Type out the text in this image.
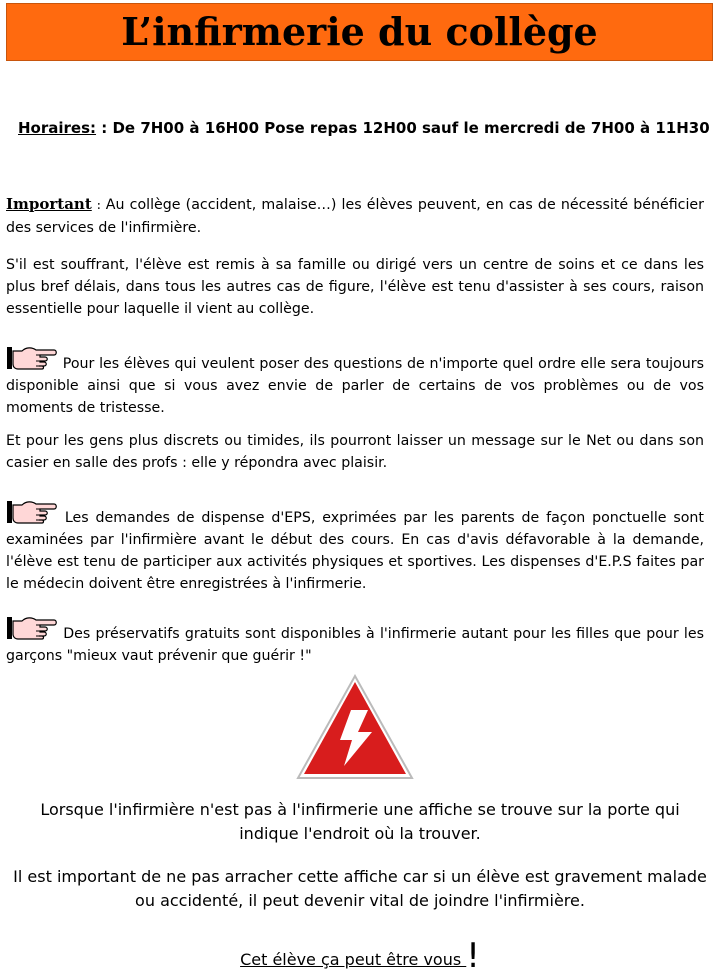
L’infirmerie du collège
Horaires: : De 7H00 à 16H00 Pose repas 12H00 sauf le mercredi de 7H00 à 11H30
Important : Au collège (accident, malaise…) les élèves peuvent, en cas de nécessité bénéficier des services de l'infirmière.
S'il est souffrant, l'élève est remis à sa famille ou dirigé vers un centre de soins et ce dans les plus bref délais, dans tous les autres cas de figure, l'élève est tenu d'assister à ses cours, raison essentielle pour laquelle il vient au collège.
Pour les élèves qui veulent poser des questions de n'importe quel ordre elle sera toujours disponible ainsi que si vous avez envie de parler de certains de vos problèmes ou de vos moments de tristesse.
Et pour les gens plus discrets ou timides, ils pourront laisser un message sur le Net ou dans son casier en salle des profs : elle y répondra avec plaisir.
Les demandes de dispense d'EPS, exprimées par les parents de façon ponctuelle sont examinées par l'infirmière avant le début des cours. En cas d'avis défavorable à la demande, l'élève est tenu de participer aux activités physiques et sportives. Les dispenses d'E.P.S faites par le médecin doivent être enregistrées à l'infirmerie.
Des préservatifs gratuits sont disponibles à l'infirmerie autant pour les filles que pour les garçons "mieux vaut prévenir que guérir !"
Lorsque l'infirmière n'est pas à l'infirmerie une affiche se trouve sur la porte qui indique l'endroit où la trouver.
Il est important de ne pas arracher cette affiche car si un élève est gravement malade ou accidenté, il peut devenir vital de joindre l'infirmière.
Cet élève ça peut être vous !
